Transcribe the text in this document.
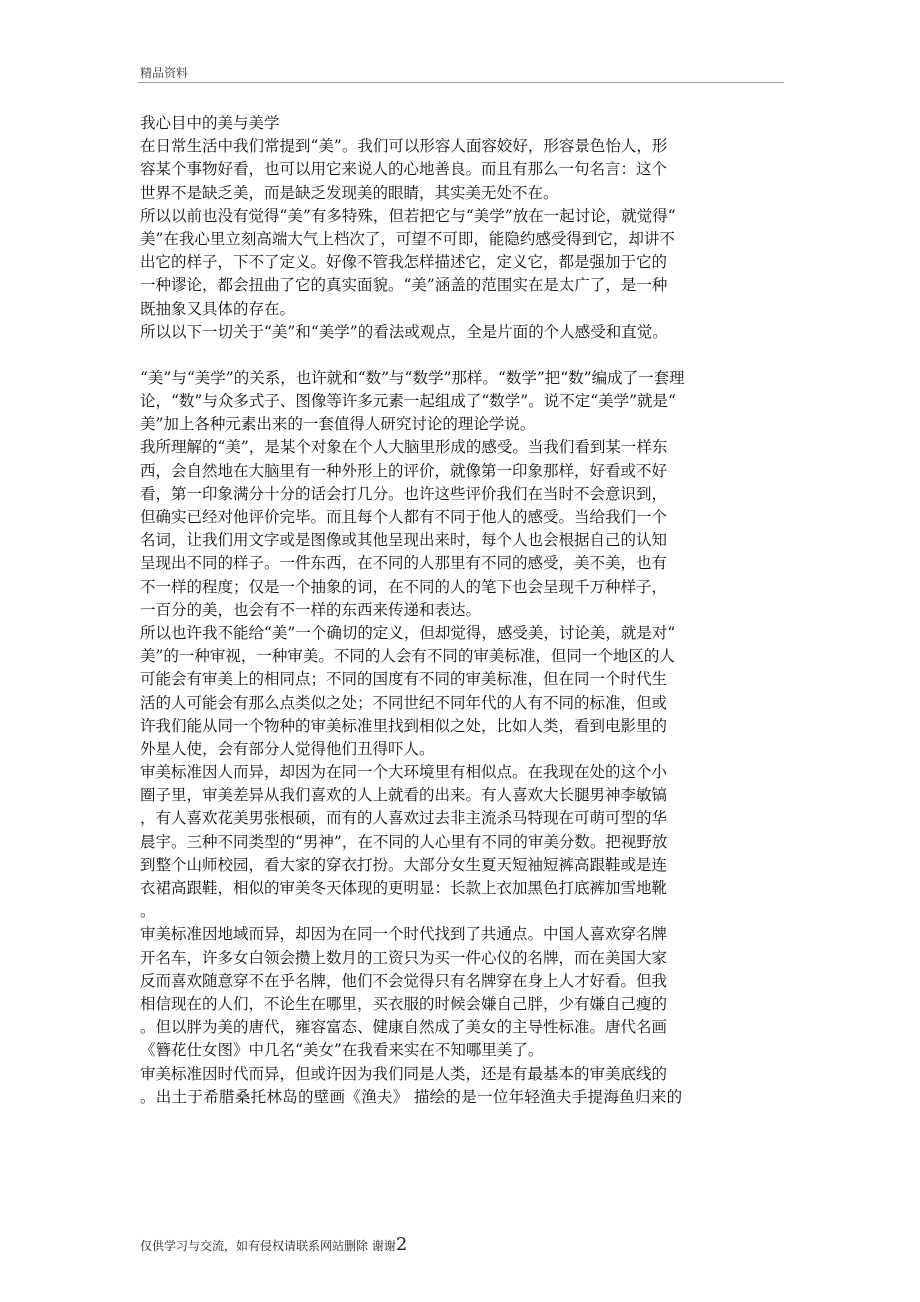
精品资料
我心目中的美与美学
在日常生活中我们常提到“美”。我们可以形容人面容姣好，形容景色怡人，形
容某个事物好看，也可以用它来说人的心地善良。而且有那么一句名言：这个
世界不是缺乏美，而是缺乏发现美的眼睛，其实美无处不在。
所以以前也没有觉得“美”有多特殊，但若把它与“美学”放在一起讨论，就觉得“
美”在我心里立刻高端大气上档次了，可望不可即，能隐约感受得到它，却讲不
出它的样子，下不了定义。好像不管我怎样描述它，定义它，都是强加于它的
一种谬论，都会扭曲了它的真实面貌。“美”涵盖的范围实在是太广了，是一种
既抽象又具体的存在。
所以以下一切关于“美”和“美学”的看法或观点，全是片面的个人感受和直觉。
“美”与“美学”的关系，也许就和“数”与“数学”那样。“数学”把“数”编成了一套理
论，“数”与众多式子、图像等许多元素一起组成了“数学”。说不定“美学”就是“
美”加上各种元素出来的一套值得人研究讨论的理论学说。
我所理解的“美”，是某个对象在个人大脑里形成的感受。当我们看到某一样东
西，会自然地在大脑里有一种外形上的评价，就像第一印象那样，好看或不好
看，第一印象满分十分的话会打几分。也许这些评价我们在当时不会意识到，
但确实已经对他评价完毕。而且每个人都有不同于他人的感受。当给我们一个
名词，让我们用文字或是图像或其他呈现出来时，每个人也会根据自己的认知
呈现出不同的样子。一件东西，在不同的人那里有不同的感受，美不美，也有
不一样的程度；仅是一个抽象的词，在不同的人的笔下也会呈现千万种样子，
一百分的美，也会有不一样的东西来传递和表达。
所以也许我不能给“美”一个确切的定义，但却觉得，感受美，讨论美，就是对“
美”的一种审视，一种审美。不同的人会有不同的审美标准，但同一个地区的人
可能会有审美上的相同点；不同的国度有不同的审美标准，但在同一个时代生
活的人可能会有那么点类似之处；不同世纪不同年代的人有不同的标准，但或
许我们能从同一个物种的审美标准里找到相似之处，比如人类，看到电影里的
外星人使，会有部分人觉得他们丑得吓人。
审美标准因人而异，却因为在同一个大环境里有相似点。在我现在处的这个小
圈子里，审美差异从我们喜欢的人上就看的出来。有人喜欢大长腿男神李敏镐
，有人喜欢花美男张根硕，而有的人喜欢过去非主流杀马特现在可萌可型的华
晨宇。三种不同类型的“男神”，在不同的人心里有不同的审美分数。把视野放
到整个山师校园，看大家的穿衣打扮。大部分女生夏天短袖短裤高跟鞋或是连
衣裙高跟鞋，相似的审美冬天体现的更明显：长款上衣加黑色打底裤加雪地靴
。
审美标准因地域而异，却因为在同一个时代找到了共通点。中国人喜欢穿名牌
开名车，许多女白领会攒上数月的工资只为买一件心仪的名牌，而在美国大家
反而喜欢随意穿不在乎名牌，他们不会觉得只有名牌穿在身上人才好看。但我
相信现在的人们，不论生在哪里，买衣服的时候会嫌自己胖，少有嫌自己瘦的
。但以胖为美的唐代，雍容富态、健康自然成了美女的主导性标准。唐代名画
《簪花仕女图》中几名“美女”在我看来实在不知哪里美了。
审美标准因时代而异，但或许因为我们同是人类，还是有最基本的审美底线的
。出土于希腊桑托林岛的壁画《渔夫》 描绘的是一位年轻渔夫手提海鱼归来的
仅供学习与交流，如有侵权请联系网站删除 谢谢2
